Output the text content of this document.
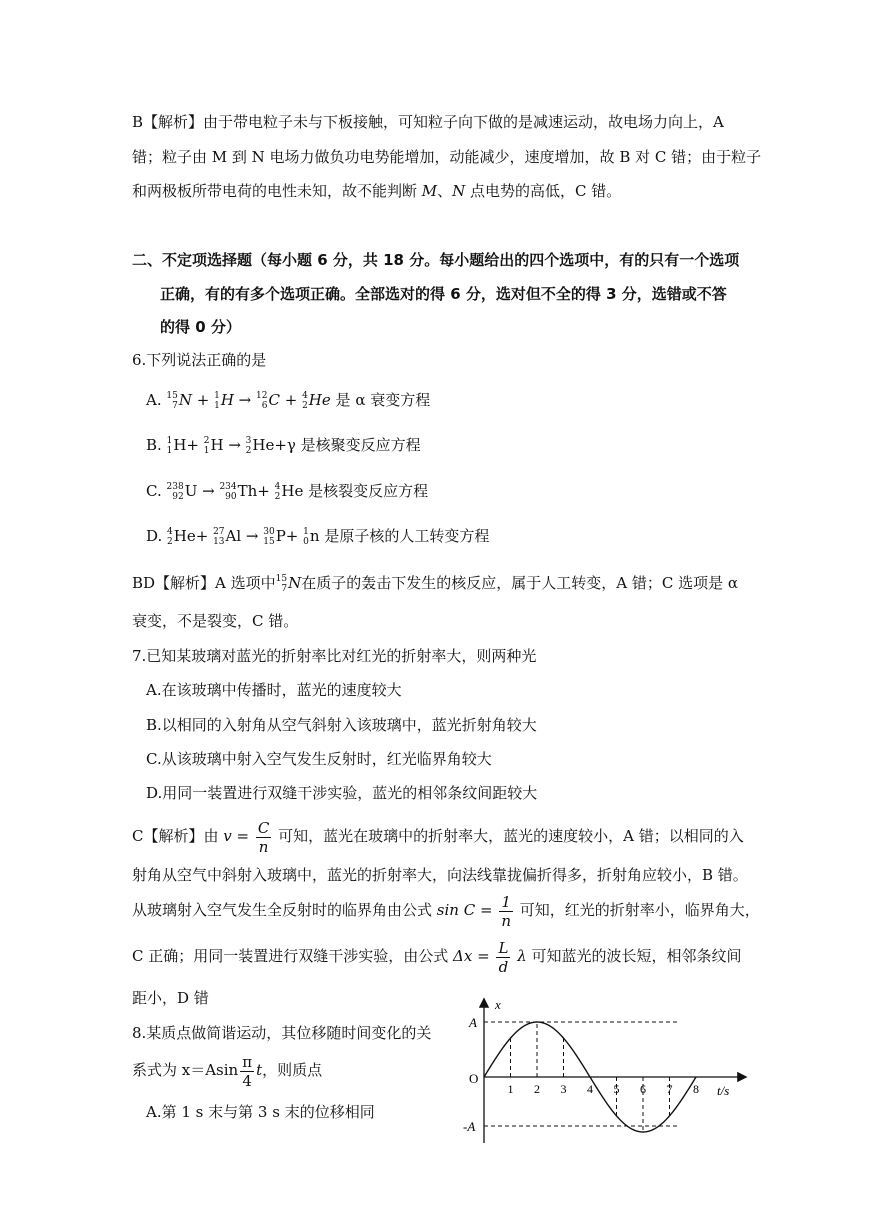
B【解析】由于带电粒子未与下板接触，可知粒子向下做的是减速运动，故电场力向上，A
错；粒子由 M 到 N 电场力做负功电势能增加，动能减少，速度增加，故 B 对 C 错；由于粒子
和两极板所带电荷的电性未知，故不能判断 M、N 点电势的高低，C 错。
二、不定项选择题（每小题 6 分，共 18 分。每小题给出的四个选项中，有的只有一个选项
正确，有的有多个选项正确。全部选对的得 6 分，选对但不全的得 3 分，选错或不答
的得 0 分）
6.下列说法正确的是
A. 15
7 N + 1
1 H → 12
6 C + 4
2 He 是 α 衰变方程
B. 1
1 H+ 2
1 H → 3
2 He+γ 是核聚变反应方程
C. 238
92 U → 234
90 Th+ 4
2 He 是核裂变反应方程
D. 4
2 He+ 27
13 Al → 30
15 P+ 1
0 n 是原子核的人工转变方程
BD【解析】A 选项中 15
7 N在质子的轰击下发生的核反应，属于人工转变，A 错；C 选项是 α
衰变，不是裂变，C 错。
7.已知某玻璃对蓝光的折射率比对红光的折射率大，则两种光
A.在该玻璃中传播时，蓝光的速度较大
B.以相同的入射角从空气斜射入该玻璃中，蓝光折射角较大
C.从该玻璃中射入空气发生反射时，红光临界角较大
D.用同一装置进行双缝干涉实验，蓝光的相邻条纹间距较大
C【解析】由 $v = \frac{C}{n}$ 可知，蓝光在玻璃中的折射率大，蓝光的速度较小，A 错；以相同的入
射角从空气中斜射入玻璃中，蓝光的折射率大，向法线靠拢偏折得多，折射角应较小，B 错。
从玻璃射入空气发生全反射时的临界角由公式 $\sin C = \frac{1}{n}$ 可知，红光的折射率小，临界角大，
C 正确；用同一装置进行双缝干涉实验，由公式 $\Delta x = \frac{L}{d}$ λ 可知蓝光的波长短，相邻条纹间
距小，D 错
8.某质点做简谐运动，其位移随时间变化的关
系式为 $x=Asin \frac{\pi}{4}$ t，则质点
A.第 1 s 末与第 3 s 末的位移相同
1 2 3 4 5 6 7 8
x
t/s
O
A
-A
